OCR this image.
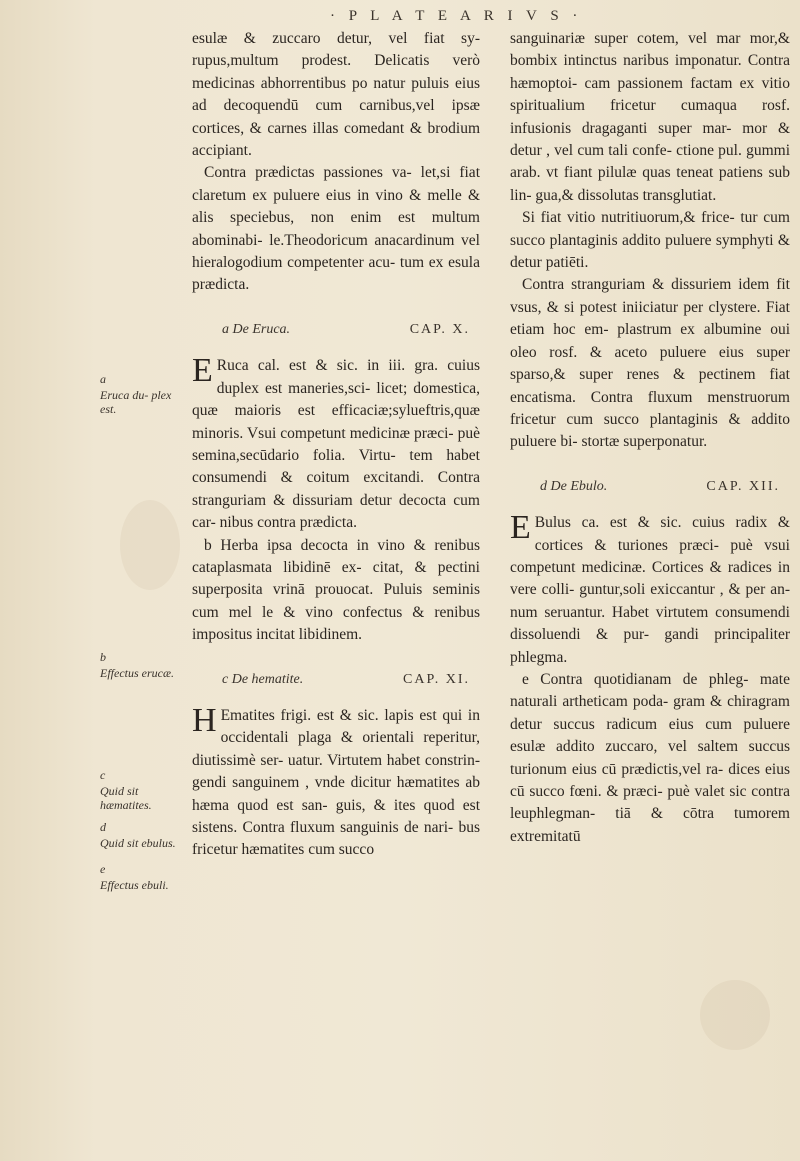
· P L A T E A R I V S ·

esulæ & zuccaro detur, vel fiat sy- rupus,multum prodest. Delicatis verò medicinas abhorrentibus po natur puluis eius ad decoquendū cum carnibus,vel ipsæ cortices, & carnes illas comedant & brodium accipiant.

Contra prædictas passiones va- let,si fiat claretum ex puluere eius in vino & melle & alis speciebus, non enim est multum abominabi- le.Theodoricum anacardinum vel hieralogodium competenter acu- tum ex esula prædicta.

a De Eruca.	CAP. X.

ERuca cal. est & sic. in iii. gra. cuius duplex est maneries,sci- licet; domestica, quæ maioris est efficaciæ;sylueftris,quæ minoris. Vsui competunt medicinæ præci- puè semina,secūdario folia. Virtu- tem habet consumendi & coitum excitandi. Contra stranguriam & dissuriam detur decocta cum car- nibus contra prædicta.

b Herba ipsa decocta in vino & renibus cataplasmata libidinē ex- citat, & pectini superposita vrinā prouocat. Puluis seminis cum mel le & vino confectus & renibus impositus incitat libidinem.

c De hematite.	CAP. XI.

HEmatites frigi. est & sic. lapis est qui in occidentali plaga & orientali reperitur, diutissimè ser- uatur. Virtutem habet constrin- gendi sanguinem , vnde dicitur hæmatites ab hæma quod est san- guis, & ites quod est sistens. Contra fluxum sanguinis de nari- bus fricetur hæmatites cum succo

sanguinariæ super cotem, vel mar mor,& bombix intinctus naribus imponatur. Contra hæmoptoi- cam passionem factam ex vitio spiritualium fricetur cumaqua rosf. infusionis dragaganti super mar- mor & detur , vel cum tali confe- ctione pul. gummi arab. vt fiant pilulæ quas teneat patiens sub lin- gua,& dissolutas transglutiat.

Si fiat vitio nutritiuorum,& frice- tur cum succo plantaginis addito puluere symphyti & detur patiēti.

Contra stranguriam & dissuriem idem fit vsus, & si potest iniiciatur per clystere. Fiat etiam hoc em- plastrum ex albumine oui oleo rosf. & aceto puluere eius super sparso,& super renes & pectinem fiat encatisma. Contra fluxum menstruorum fricetur cum succo plantaginis & addito puluere bi- stortæ superponatur.

d De Ebulo.	CAP. XII.

EBulus ca. est & sic. cuius radix & cortices & turiones præci- puè vsui competunt medicinæ. Cortices & radices in vere colli- guntur,soli exiccantur , & per an- num seruantur. Habet virtutem consumendi dissoluendi & pur- gandi principaliter phlegma.

e Contra quotidianam de phleg- mate naturali artheticam poda- gram & chiragram detur succus radicum eius cum puluere esulæ addito zuccaro, vel saltem succus turionum eius cū prædictis,vel ra- dices eius cū succo fœni. & præci- puè valet sic contra leuphlegman- tiā & cōtra tumorem extremitatū

a
Eruca du- plex est.
b
Effectus erucæ.
c
Quid sit hæmatites.
d
Quid sit ebulus.
e
Effectus ebuli.
